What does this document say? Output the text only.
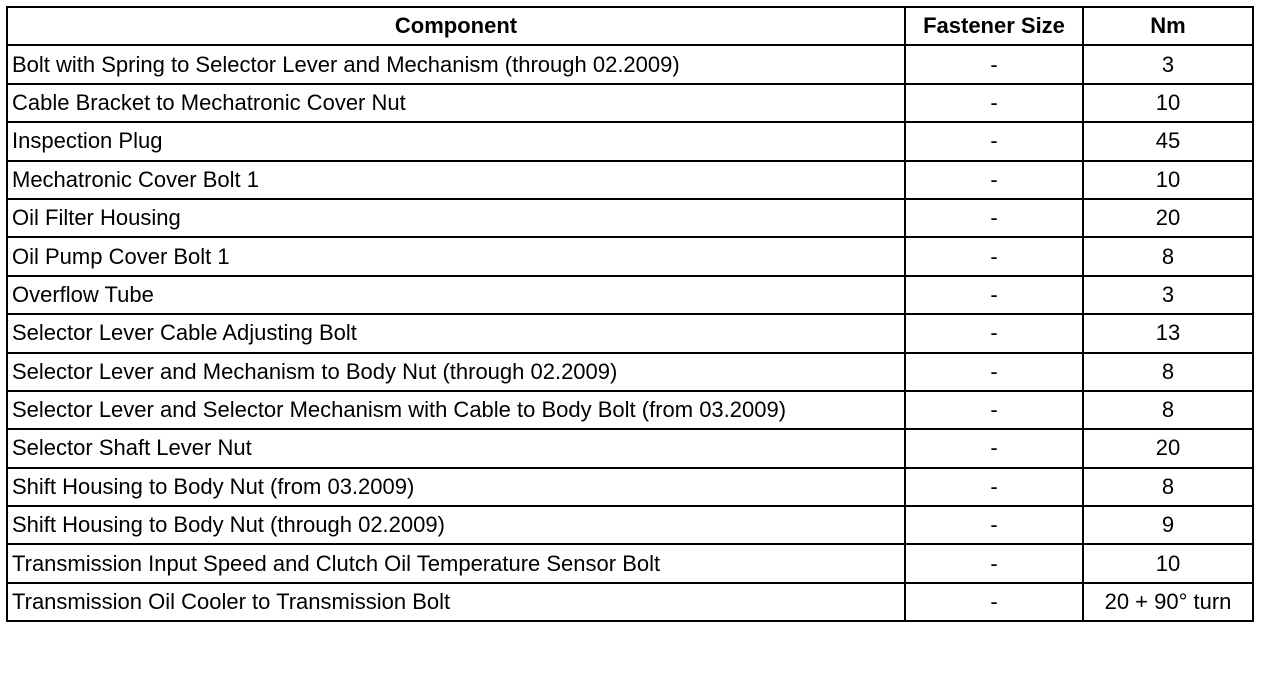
Component	Fastener Size	Nm
Bolt with Spring to Selector Lever and Mechanism (through 02.2009)	-	3
Cable Bracket to Mechatronic Cover Nut	-	10
Inspection Plug	-	45
Mechatronic Cover Bolt 1	-	10
Oil Filter Housing	-	20
Oil Pump Cover Bolt 1	-	8
Overflow Tube	-	3
Selector Lever Cable Adjusting Bolt	-	13
Selector Lever and Mechanism to Body Nut (through 02.2009)	-	8
Selector Lever and Selector Mechanism with Cable to Body Bolt (from 03.2009)	-	8
Selector Shaft Lever Nut	-	20
Shift Housing to Body Nut (from 03.2009)	-	8
Shift Housing to Body Nut (through 02.2009)	-	9
Transmission Input Speed and Clutch Oil Temperature Sensor Bolt	-	10
Transmission Oil Cooler to Transmission Bolt	-	20 + 90° turn
